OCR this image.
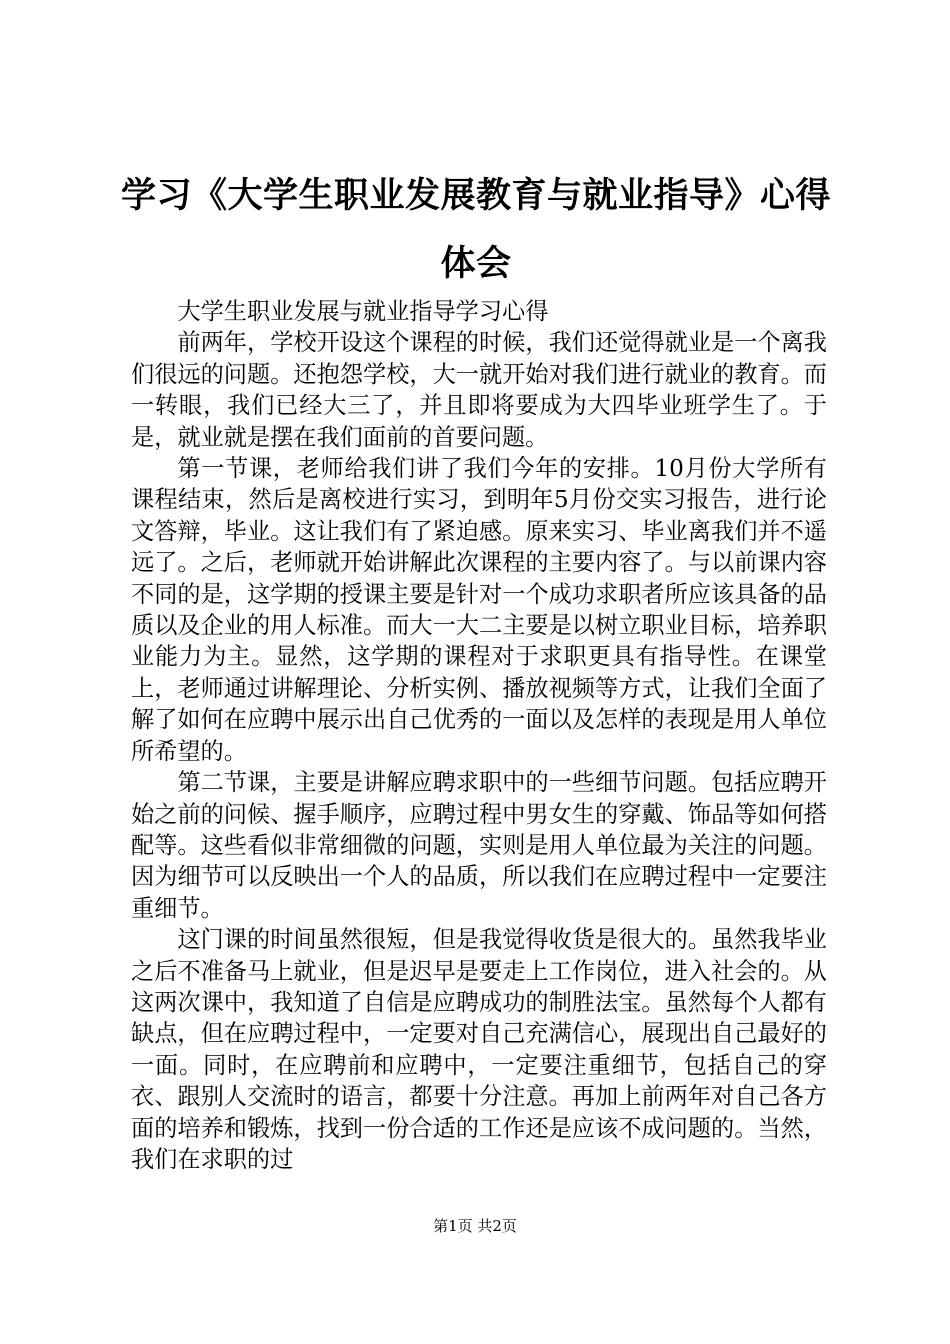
学习《大学生职业发展教育与就业指导》心得体会

大学生职业发展与就业指导学习心得

前两年，学校开设这个课程的时候，我们还觉得就业是一个离我们很远的问题。还抱怨学校，大一就开始对我们进行就业的教育。而一转眼，我们已经大三了，并且即将要成为大四毕业班学生了。于是，就业就是摆在我们面前的首要问题。

第一节课，老师给我们讲了我们今年的安排。10月份大学所有课程结束，然后是离校进行实习，到明年5月份交实习报告，进行论文答辩，毕业。这让我们有了紧迫感。原来实习、毕业离我们并不遥远了。之后，老师就开始讲解此次课程的主要内容了。与以前课内容不同的是，这学期的授课主要是针对一个成功求职者所应该具备的品质以及企业的用人标准。而大一大二主要是以树立职业目标，培养职业能力为主。显然，这学期的课程对于求职更具有指导性。在课堂上，老师通过讲解理论、分析实例、播放视频等方式，让我们全面了解了如何在应聘中展示出自己优秀的一面以及怎样的表现是用人单位所希望的。

第二节课，主要是讲解应聘求职中的一些细节问题。包括应聘开始之前的问候、握手顺序，应聘过程中男女生的穿戴、饰品等如何搭配等。这些看似非常细微的问题，实则是用人单位最为关注的问题。因为细节可以反映出一个人的品质，所以我们在应聘过程中一定要注重细节。

这门课的时间虽然很短，但是我觉得收货是很大的。虽然我毕业之后不准备马上就业，但是迟早是要走上工作岗位，进入社会的。从这两次课中，我知道了自信是应聘成功的制胜法宝。虽然每个人都有缺点，但在应聘过程中，一定要对自己充满信心，展现出自己最好的一面。同时，在应聘前和应聘中，一定要注重细节，包括自己的穿衣、跟别人交流时的语言，都要十分注意。再加上前两年对自己各方面的培养和锻炼，找到一份合适的工作还是应该不成问题的。当然，我们在求职的过

第1页 共2页
